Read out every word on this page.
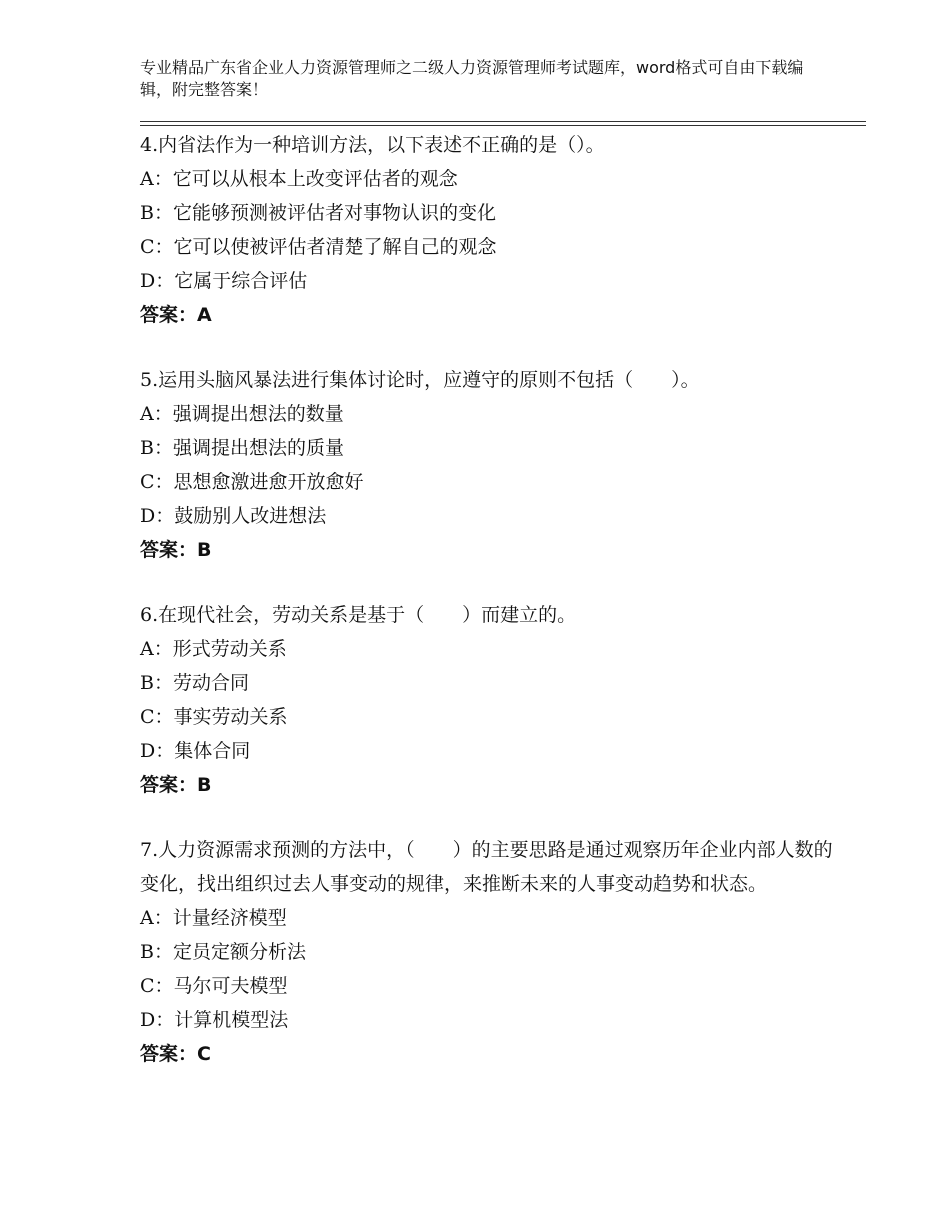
专业精品广东省企业人力资源管理师之二级人力资源管理师考试题库，word格式可自由下载编辑，附完整答案！

4.内省法作为一种培训方法，以下表述不正确的是（）。

A：它可以从根本上改变评估者的观念

B：它能够预测被评估者对事物认识的变化

C：它可以使被评估者清楚了解自己的观念

D：它属于综合评估

答案：A

5.运用头脑风暴法进行集体讨论时，应遵守的原则不包括（　　）。

A：强调提出想法的数量

B：强调提出想法的质量

C：思想愈激进愈开放愈好

D：鼓励别人改进想法

答案：B

6.在现代社会，劳动关系是基于（　　）而建立的。

A：形式劳动关系

B：劳动合同

C：事实劳动关系

D：集体合同

答案：B

7.人力资源需求预测的方法中，（　　）的主要思路是通过观察历年企业内部人数的变化，找出组织过去人事变动的规律，来推断未来的人事变动趋势和状态。

A：计量经济模型

B：定员定额分析法

C：马尔可夫模型

D：计算机模型法

答案：C
